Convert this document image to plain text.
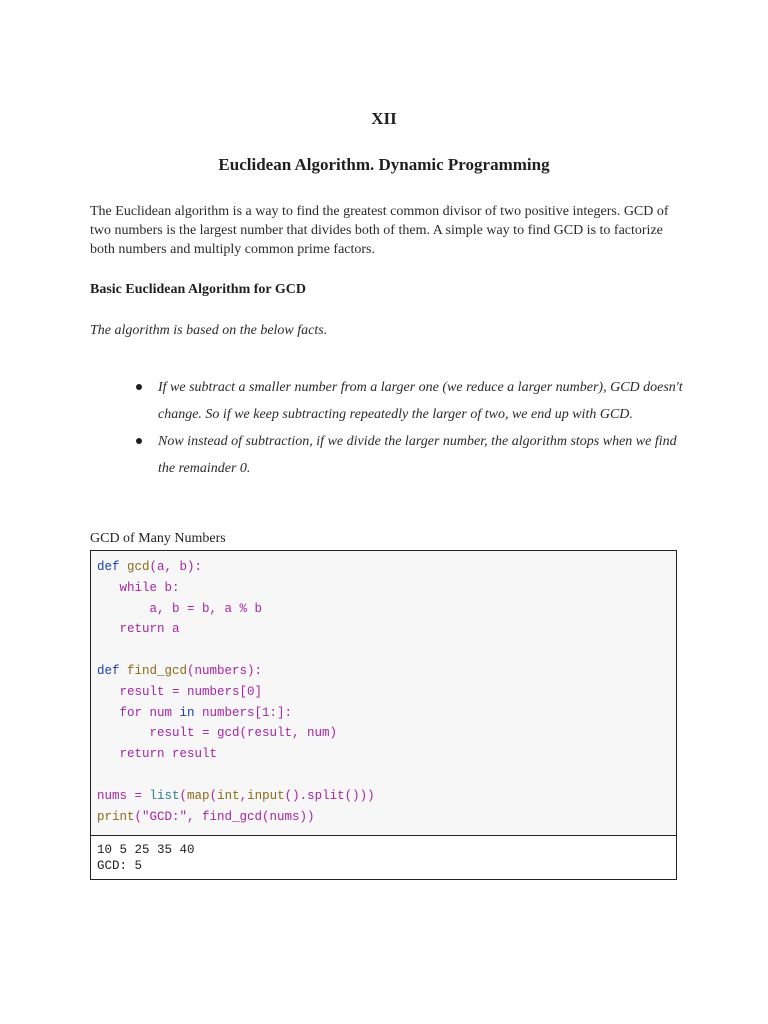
XII
Euclidean Algorithm. Dynamic Programming

The Euclidean algorithm is a way to find the greatest common divisor of two positive integers. GCD of two numbers is the largest number that divides both of them. A simple way to find GCD is to factorize both numbers and multiply common prime factors.

Basic Euclidean Algorithm for GCD

The algorithm is based on the below facts.

If we subtract a smaller number from a larger one (we reduce a larger number), GCD doesn't change. So if we keep subtracting repeatedly the larger of two, we end up with GCD.
Now instead of subtraction, if we divide the larger number, the algorithm stops when we find the remainder 0.

GCD of Many Numbers

def gcd(a, b):
while b:
a, b = b, a % b
return a
def find_gcd(numbers):
result = numbers[0]
for num in numbers[1:]:
result = gcd(result, num)
return result
nums = list(map(int,input().split()))
print("GCD:", find_gcd(nums))
10 5 25 35 40
GCD: 5
